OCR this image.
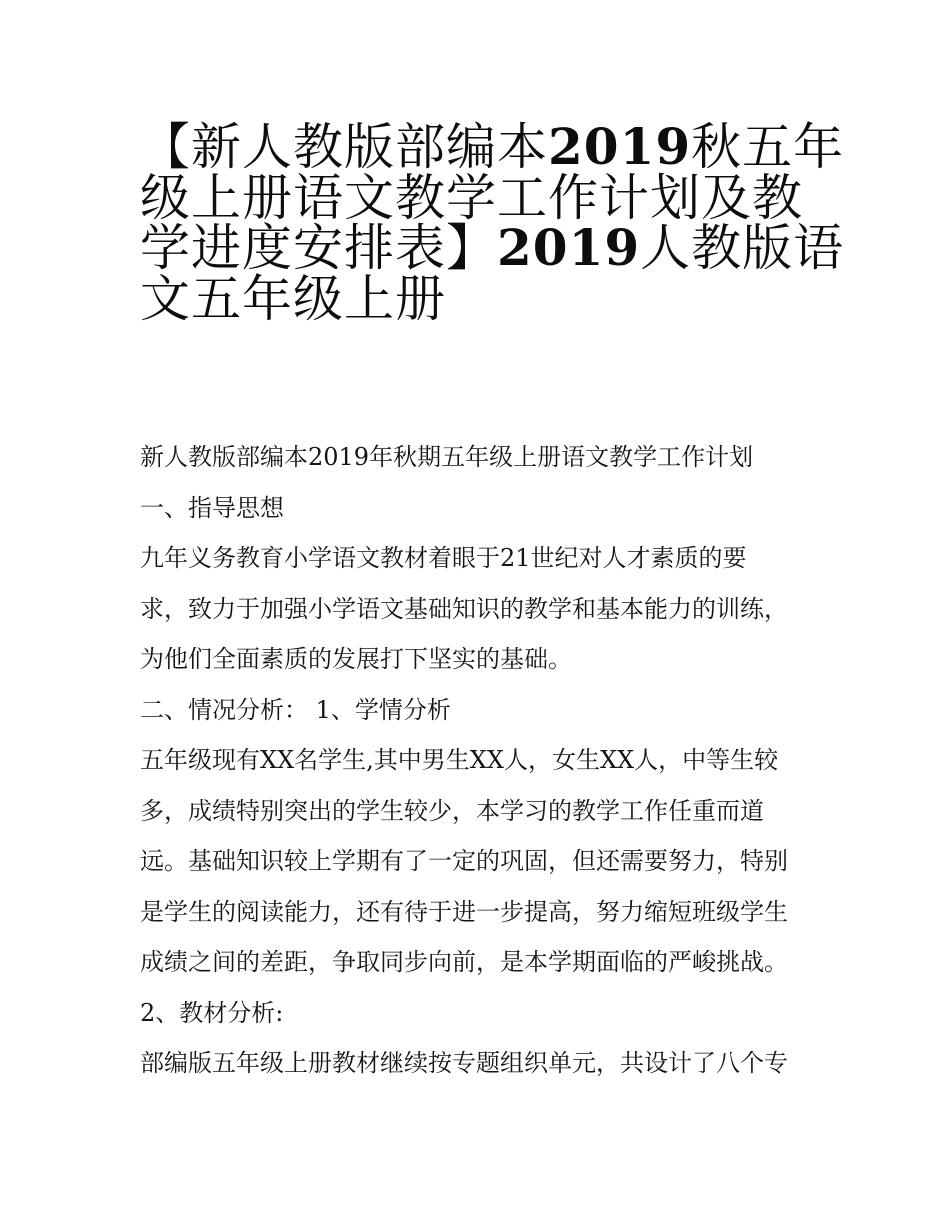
【新人教版部编本2019秋五年
级上册语文教学工作计划及教
学进度安排表】2019人教版语
文五年级上册
新人教版部编本2019年秋期五年级上册语文教学工作计划
一、指导思想
九年义务教育小学语文教材着眼于21世纪对人才素质的要
求，致力于加强小学语文基础知识的教学和基本能力的训练，
为他们全面素质的发展打下坚实的基础。
二、情况分析： 1、学情分析
五年级现有XX名学生,其中男生XX人，女生XX人，中等生较
多，成绩特别突出的学生较少，本学习的教学工作任重而道
远。基础知识较上学期有了一定的巩固，但还需要努力，特别
是学生的阅读能力，还有待于进一步提高，努力缩短班级学生
成绩之间的差距，争取同步向前，是本学期面临的严峻挑战。
2、教材分析:
部编版五年级上册教材继续按专题组织单元，共设计了八个专
